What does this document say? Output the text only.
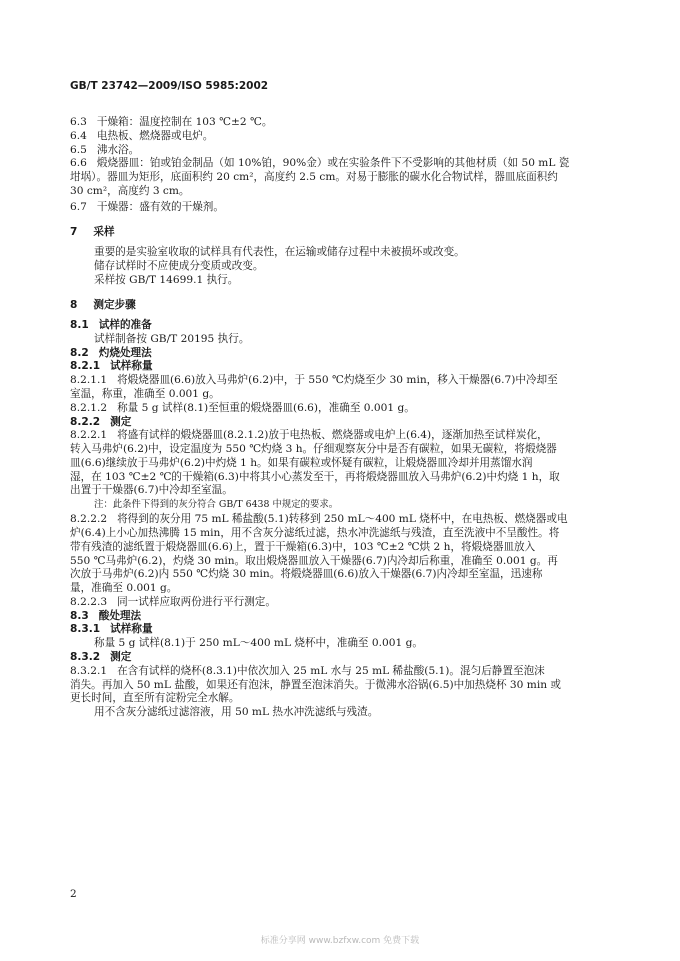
GB/T 23742—2009/ISO 5985:2002
6.3 干燥箱：温度控制在 103 ℃±2 ℃。
6.4 电热板、燃烧器或电炉。
6.5 沸水浴。
6.6 煅烧器皿：铂或铂金制品（如 10%铂，90%金）或在实验条件下不受影响的其他材质（如 50 mL 瓷
坩埚）。器皿为矩形，底面积约 20 cm²，高度约 2.5 cm。对易于膨胀的碳水化合物试样，器皿底面积约
30 cm²，高度约 3 cm。
6.7 干燥器：盛有效的干燥剂。
7	采样
重要的是实验室收取的试样具有代表性，在运输或储存过程中未被损坏或改变。
储存试样时不应使成分变质或改变。
采样按 GB/T 14699.1 执行。
8	测定步骤
8.1 试样的准备
试样制备按 GB/T 20195 执行。
8.2 灼烧处理法
8.2.1 试样称量
8.2.1.1 将煅烧器皿(6.6)放入马弗炉(6.2)中，于 550 ℃灼烧至少 30 min，移入干燥器(6.7)中冷却至
室温，称重，准确至 0.001 g。
8.2.1.2 称量 5 g 试样(8.1)至恒重的煅烧器皿(6.6)，准确至 0.001 g。
8.2.2 测定
8.2.2.1 将盛有试样的煅烧器皿(8.2.1.2)放于电热板、燃烧器或电炉上(6.4)，逐渐加热至试样炭化，
转入马弗炉(6.2)中，设定温度为 550 ℃灼烧 3 h。仔细观察灰分中是否有碳粒，如果无碳粒，将煅烧器
皿(6.6)继续放于马弗炉(6.2)中灼烧 1 h。如果有碳粒或怀疑有碳粒，让煅烧器皿冷却并用蒸馏水润
湿，在 103 ℃±2 ℃的干燥箱(6.3)中将其小心蒸发至干，再将煅烧器皿放入马弗炉(6.2)中灼烧 1 h，取
出置于干燥器(6.7)中冷却至室温。
注：此条件下得到的灰分符合 GB/T 6438 中规定的要求。
8.2.2.2 将得到的灰分用 75 mL 稀盐酸(5.1)转移到 250 mL～400 mL 烧杯中，在电热板、燃烧器或电
炉(6.4)上小心加热沸腾 15 min，用不含灰分滤纸过滤，热水冲洗滤纸与残渣，直至洗液中不呈酸性。将
带有残渣的滤纸置于煅烧器皿(6.6)上，置于干燥箱(6.3)中，103 ℃±2 ℃烘 2 h，将煅烧器皿放入
550 ℃马弗炉(6.2)，灼烧 30 min。取出煅烧器皿放入干燥器(6.7)内冷却后称重，准确至 0.001 g。再
次放于马弗炉(6.2)内 550 ℃灼烧 30 min。将煅烧器皿(6.6)放入干燥器(6.7)内冷却至室温，迅速称
量，准确至 0.001 g。
8.2.2.3 同一试样应取两份进行平行测定。
8.3 酸处理法
8.3.1 试样称量
称量 5 g 试样(8.1)于 250 mL～400 mL 烧杯中，准确至 0.001 g。
8.3.2 测定
8.3.2.1 在含有试样的烧杯(8.3.1)中依次加入 25 mL 水与 25 mL 稀盐酸(5.1)。混匀后静置至泡沫
消失。再加入 50 mL 盐酸，如果还有泡沫，静置至泡沫消失。于微沸水浴锅(6.5)中加热烧杯 30 min 或
更长时间，直至所有淀粉完全水解。
用不含灰分滤纸过滤溶液，用 50 mL 热水冲洗滤纸与残渣。
2
标准分享网 www.bzfxw.com 免费下载
